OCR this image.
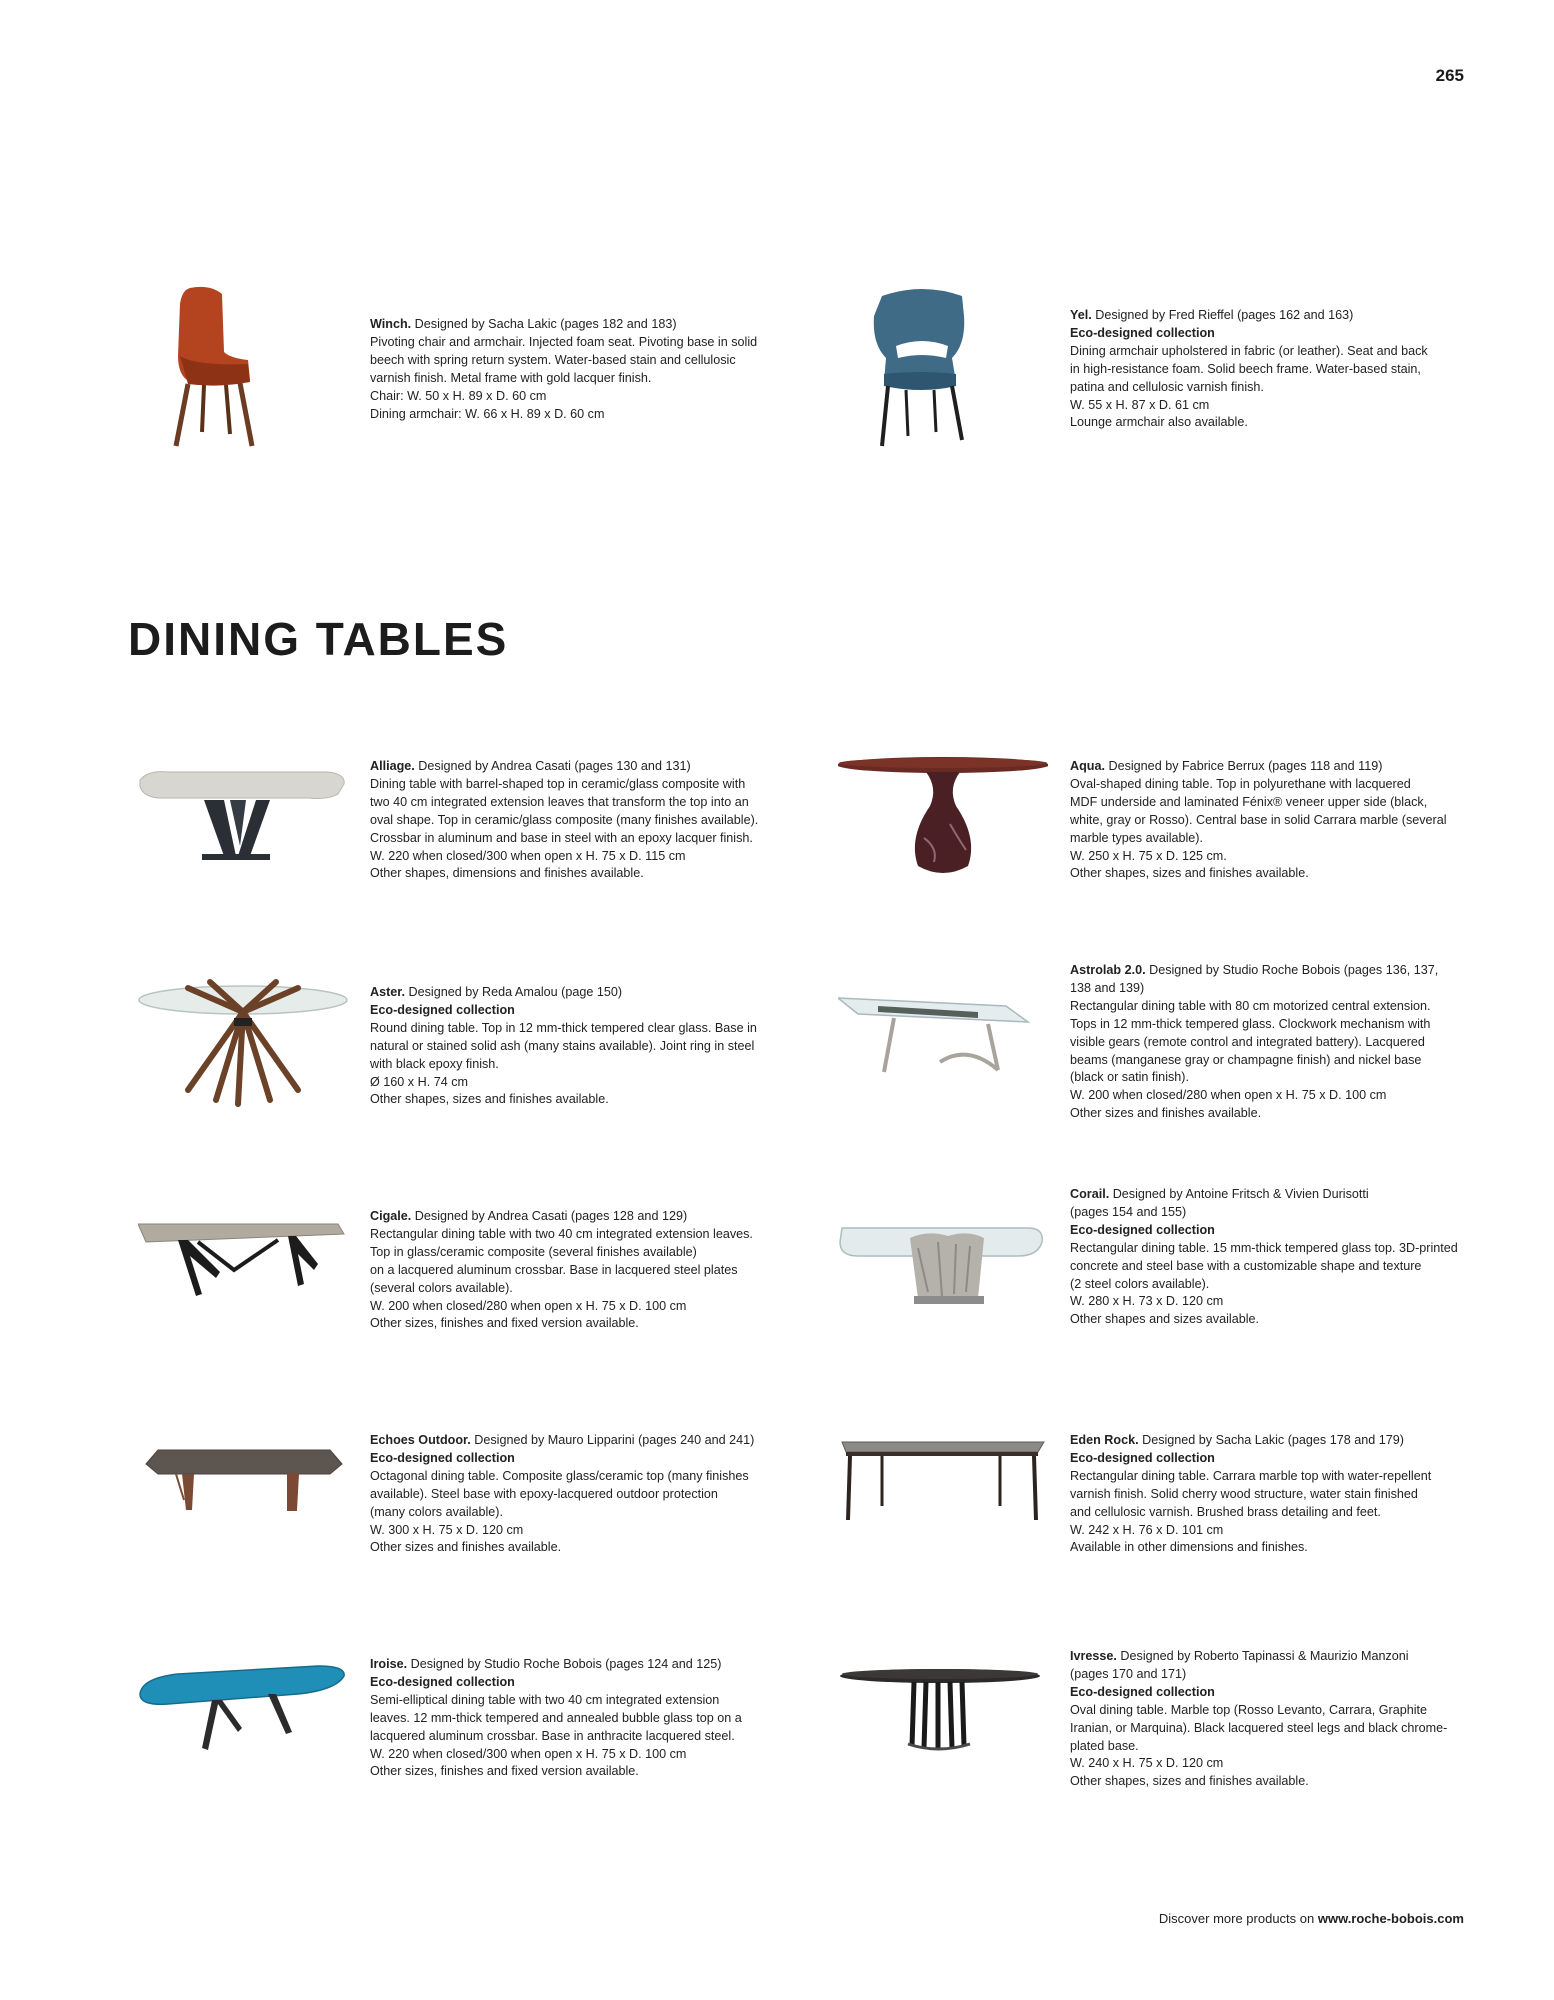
265
Winch. Designed by Sacha Lakic (pages 182 and 183)
Pivoting chair and armchair. Injected foam seat. Pivoting base in solid
beech with spring return system. Water-based stain and cellulosic
varnish finish. Metal frame with gold lacquer finish.
Chair: W. 50 x H. 89 x D. 60 cm
Dining armchair: W. 66 x H. 89 x D. 60 cm
Yel. Designed by Fred Rieffel (pages 162 and 163)
Eco-designed collection
Dining armchair upholstered in fabric (or leather). Seat and back
in high-resistance foam. Solid beech frame. Water-based stain,
patina and cellulosic varnish finish.
W. 55 x H. 87 x D. 61 cm
Lounge armchair also available.
DINING TABLES
Alliage. Designed by Andrea Casati (pages 130 and 131)
Dining table with barrel-shaped top in ceramic/glass composite with
two 40 cm integrated extension leaves that transform the top into an
oval shape. Top in ceramic/glass composite (many finishes available).
Crossbar in aluminum and base in steel with an epoxy lacquer finish.
W. 220 when closed/300 when open x H. 75 x D. 115 cm
Other shapes, dimensions and finishes available.
Aqua. Designed by Fabrice Berrux (pages 118 and 119)
Oval-shaped dining table. Top in polyurethane with lacquered
MDF underside and laminated Fénix® veneer upper side (black,
white, gray or Rosso). Central base in solid Carrara marble (several
marble types available).
W. 250 x H. 75 x D. 125 cm.
Other shapes, sizes and finishes available.
Aster. Designed by Reda Amalou (page 150)
Eco-designed collection
Round dining table. Top in 12 mm-thick tempered clear glass. Base in
natural or stained solid ash (many stains available). Joint ring in steel
with black epoxy finish.
Ø 160 x H. 74 cm
Other shapes, sizes and finishes available.
Astrolab 2.0. Designed by Studio Roche Bobois (pages 136, 137,
138 and 139)
Rectangular dining table with 80 cm motorized central extension.
Tops in 12 mm-thick tempered glass. Clockwork mechanism with
visible gears (remote control and integrated battery). Lacquered
beams (manganese gray or champagne finish) and nickel base
(black or satin finish).
W. 200 when closed/280 when open x H. 75 x D. 100 cm
Other sizes and finishes available.
Cigale. Designed by Andrea Casati (pages 128 and 129)
Rectangular dining table with two 40 cm integrated extension leaves.
Top in glass/ceramic composite (several finishes available)
on a lacquered aluminum crossbar. Base in lacquered steel plates
(several colors available).
W. 200 when closed/280 when open x H. 75 x D. 100 cm
Other sizes, finishes and fixed version available.
Corail. Designed by Antoine Fritsch & Vivien Durisotti
(pages 154 and 155)
Eco-designed collection
Rectangular dining table. 15 mm-thick tempered glass top. 3D-printed
concrete and steel base with a customizable shape and texture
(2 steel colors available).
W. 280 x H. 73 x D. 120 cm
Other shapes and sizes available.
Echoes Outdoor. Designed by Mauro Lipparini (pages 240 and 241)
Eco-designed collection
Octagonal dining table. Composite glass/ceramic top (many finishes
available). Steel base with epoxy-lacquered outdoor protection
(many colors available).
W. 300 x H. 75 x D. 120 cm
Other sizes and finishes available.
Eden Rock. Designed by Sacha Lakic (pages 178 and 179)
Eco-designed collection
Rectangular dining table. Carrara marble top with water-repellent
varnish finish. Solid cherry wood structure, water stain finished
and cellulosic varnish. Brushed brass detailing and feet.
W. 242 x H. 76 x D. 101 cm
Available in other dimensions and finishes.
Iroise. Designed by Studio Roche Bobois (pages 124 and 125)
Eco-designed collection
Semi-elliptical dining table with two 40 cm integrated extension
leaves. 12 mm-thick tempered and annealed bubble glass top on a
lacquered aluminum crossbar. Base in anthracite lacquered steel.
W. 220 when closed/300 when open x H. 75 x D. 100 cm
Other sizes, finishes and fixed version available.
Ivresse. Designed by Roberto Tapinassi & Maurizio Manzoni
(pages 170 and 171)
Eco-designed collection
Oval dining table. Marble top (Rosso Levanto, Carrara, Graphite
Iranian, or Marquina). Black lacquered steel legs and black chrome-
plated base.
W. 240 x H. 75 x D. 120 cm
Other shapes, sizes and finishes available.
Discover more products on www.roche-bobois.com
